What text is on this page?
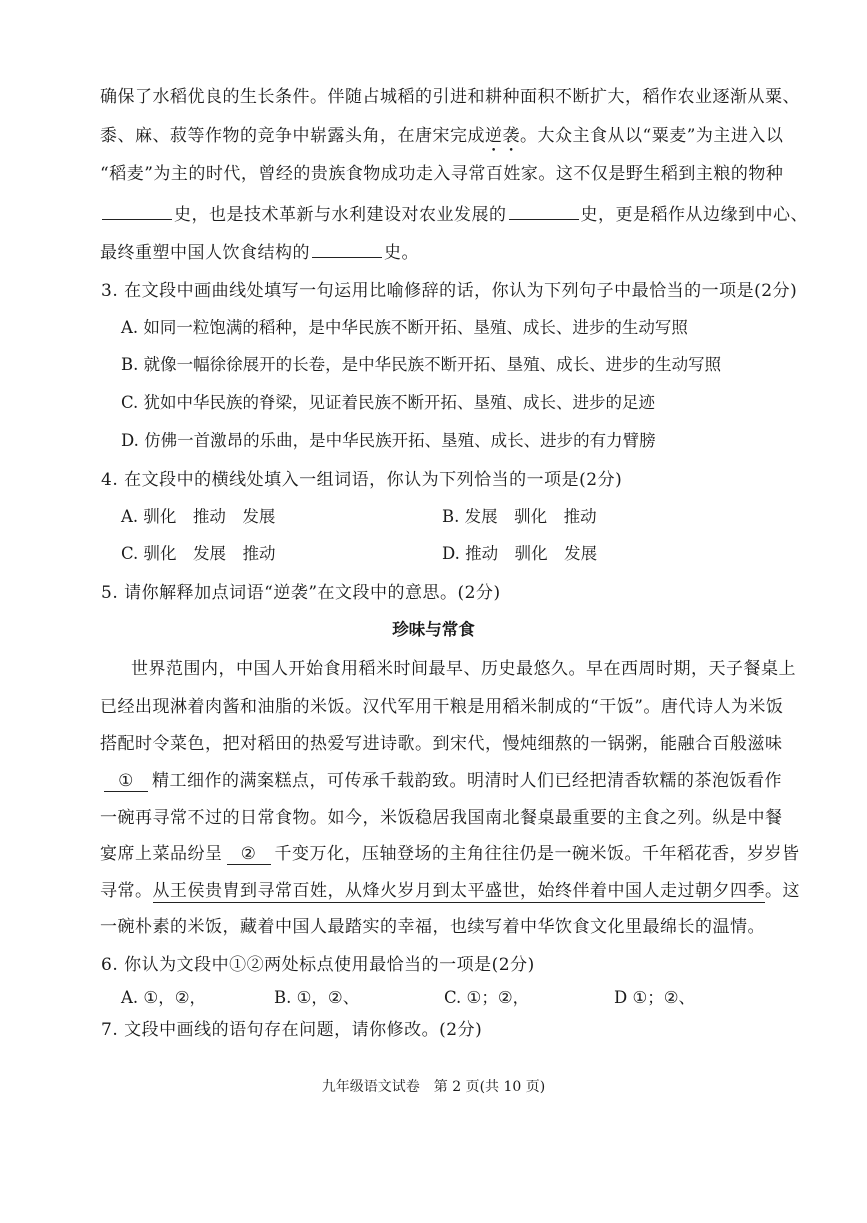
确保了水稻优良的生长条件。伴随占城稻的引进和耕种面积不断扩大，稻作农业逐渐从粟、
黍、麻、菽等作物的竞争中崭露头角，在唐宋完成逆袭。大众主食从以“粟麦”为主进入以
“稻麦”为主的时代，曾经的贵族食物成功走入寻常百姓家。这不仅是野生稻到主粮的物种
史，也是技术革新与水利建设对农业发展的	史，更是稻作从边缘到中心、
最终重塑中国人饮食结构的	史。
3. 在文段中画曲线处填写一句运用比喻修辞的话，你认为下列句子中最恰当的一项是(2分)
A. 如同一粒饱满的稻种，是中华民族不断开拓、垦殖、成长、进步的生动写照
B. 就像一幅徐徐展开的长卷，是中华民族不断开拓、垦殖、成长、进步的生动写照
C. 犹如中华民族的脊梁，见证着民族不断开拓、垦殖、成长、进步的足迹
D. 仿佛一首激昂的乐曲，是中华民族开拓、垦殖、成长、进步的有力臂膀
4. 在文段中的横线处填入一组词语，你认为下列恰当的一项是(2分)
A. 驯化　推动　发展	B. 发展　驯化　推动
C. 驯化　发展　推动	D. 推动　驯化　发展
5. 请你解释加点词语“逆袭”在文段中的意思。(2分)
珍味与常食
世界范围内，中国人开始食用稻米时间最早、历史最悠久。早在西周时期，天子餐桌上
已经出现淋着肉酱和油脂的米饭。汉代军用干粮是用稻米制成的“干饭”。唐代诗人为米饭
搭配时令菜色，把对稻田的热爱写进诗歌。到宋代，慢炖细熬的一锅粥，能融合百般滋味
① 精工细作的满案糕点，可传承千载韵致。明清时人们已经把清香软糯的茶泡饭看作
一碗再寻常不过的日常食物。如今，米饭稳居我国南北餐桌最重要的主食之列。纵是中餐
宴席上菜品纷呈 ② 千变万化，压轴登场的主角往往仍是一碗米饭。千年稻花香，岁岁皆
寻常。从王侯贵胄到寻常百姓，从烽火岁月到太平盛世，始终伴着中国人走过朝夕四季。这
一碗朴素的米饭，藏着中国人最踏实的幸福，也续写着中华饮食文化里最绵长的温情。
6. 你认为文段中①②两处标点使用最恰当的一项是(2分)
A. ①，②，	B. ①，②、	C. ①；②，	D ①；②、
7. 文段中画线的语句存在问题，请你修改。(2分)
九年级语文试卷　第 2 页(共 10 页)
